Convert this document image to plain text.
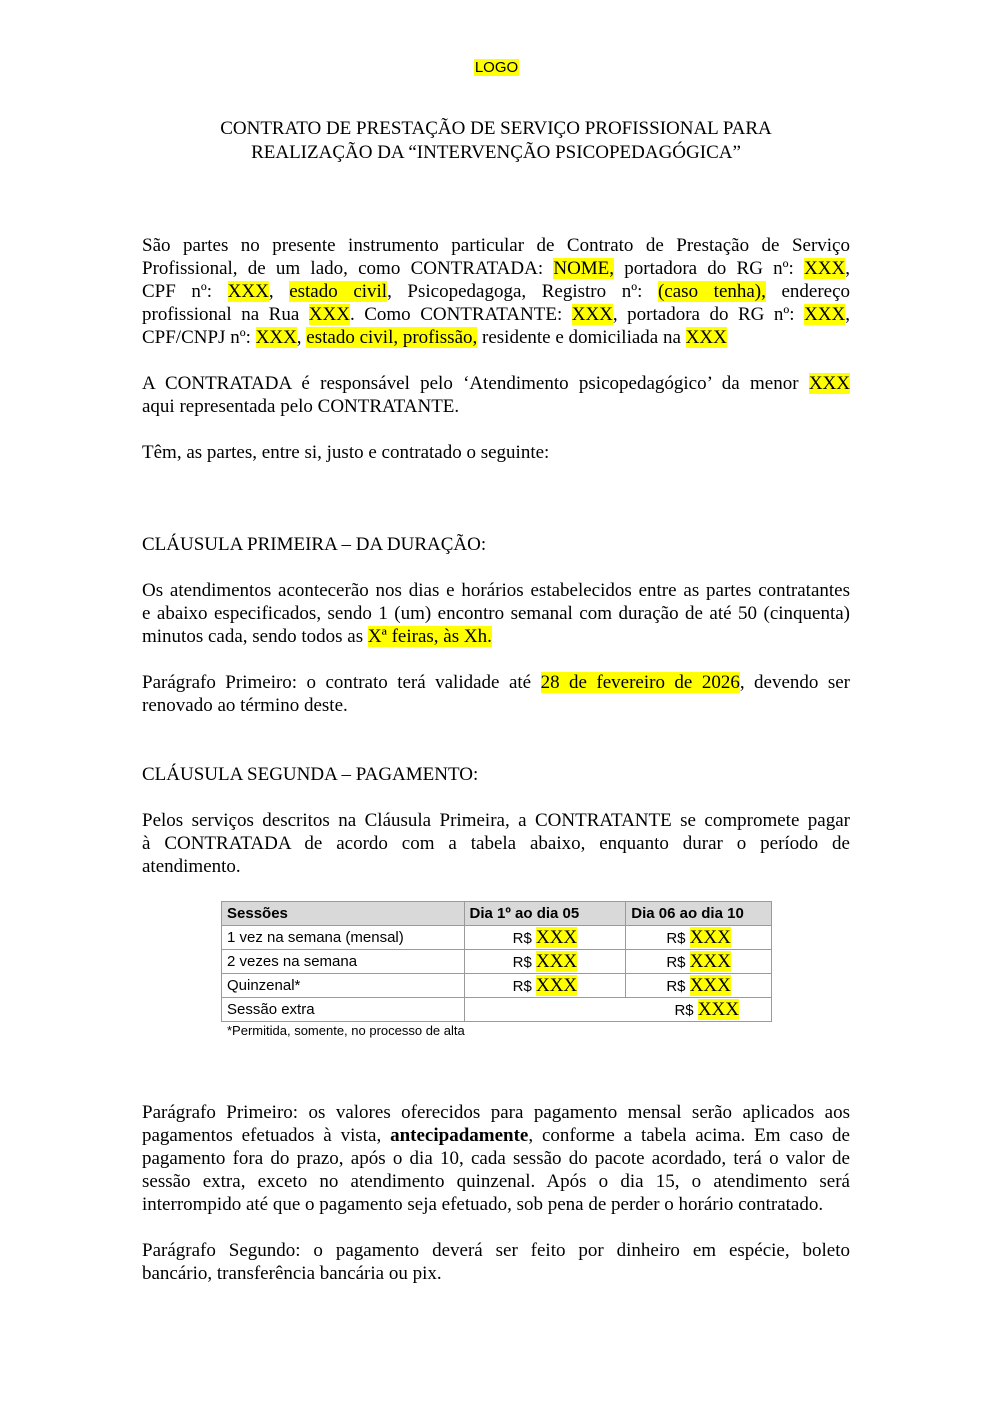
LOGO
CONTRATO DE PRESTAÇÃO DE SERVIÇO PROFISSIONAL PARA
REALIZAÇÃO DA “INTERVENÇÃO PSICOPEDAGÓGICA”
São partes no presente instrumento particular de Contrato de Prestação de Serviço
Profissional, de um lado, como CONTRATADA: NOME, portadora do RG nº: XXX,
CPF nº: XXX, estado civil, Psicopedagoga, Registro nº: (caso tenha), endereço
profissional na Rua XXX. Como CONTRATANTE: XXX, portadora do RG nº: XXX,
CPF/CNPJ nº: XXX, estado civil, profissão, residente e domiciliada na XXX
A CONTRATADA é responsável pelo ‘Atendimento psicopedagógico’ da menor XXX
aqui representada pelo CONTRATANTE.
Têm, as partes, entre si, justo e contratado o seguinte:
CLÁUSULA PRIMEIRA – DA DURAÇÃO:
Os atendimentos acontecerão nos dias e horários estabelecidos entre as partes contratantes
e abaixo especificados, sendo 1 (um) encontro semanal com duração de até 50 (cinquenta)
minutos cada, sendo todos as Xª feiras, às Xh.
Parágrafo Primeiro: o contrato terá validade até 28 de fevereiro de 2026, devendo ser
renovado ao término deste.
CLÁUSULA SEGUNDA – PAGAMENTO:
Pelos serviços descritos na Cláusula Primeira, a CONTRATANTE se compromete pagar
à CONTRATADA de acordo com a tabela abaixo, enquanto durar o período de
atendimento.
Sessões	Dia 1º ao dia 05	Dia 06 ao dia 10
1 vez na semana (mensal)	R$ XXX	R$ XXX
2 vezes na semana	R$ XXX	R$ XXX
Quinzenal*	R$ XXX	R$ XXX
Sessão extra	R$ XXX	
*Permitida, somente, no processo de alta
Parágrafo Primeiro: os valores oferecidos para pagamento mensal serão aplicados aos
pagamentos efetuados à vista, antecipadamente, conforme a tabela acima. Em caso de
pagamento fora do prazo, após o dia 10, cada sessão do pacote acordado, terá o valor de
sessão extra, exceto no atendimento quinzenal. Após o dia 15, o atendimento será
interrompido até que o pagamento seja efetuado, sob pena de perder o horário contratado.
Parágrafo Segundo: o pagamento deverá ser feito por dinheiro em espécie, boleto
bancário, transferência bancária ou pix.
